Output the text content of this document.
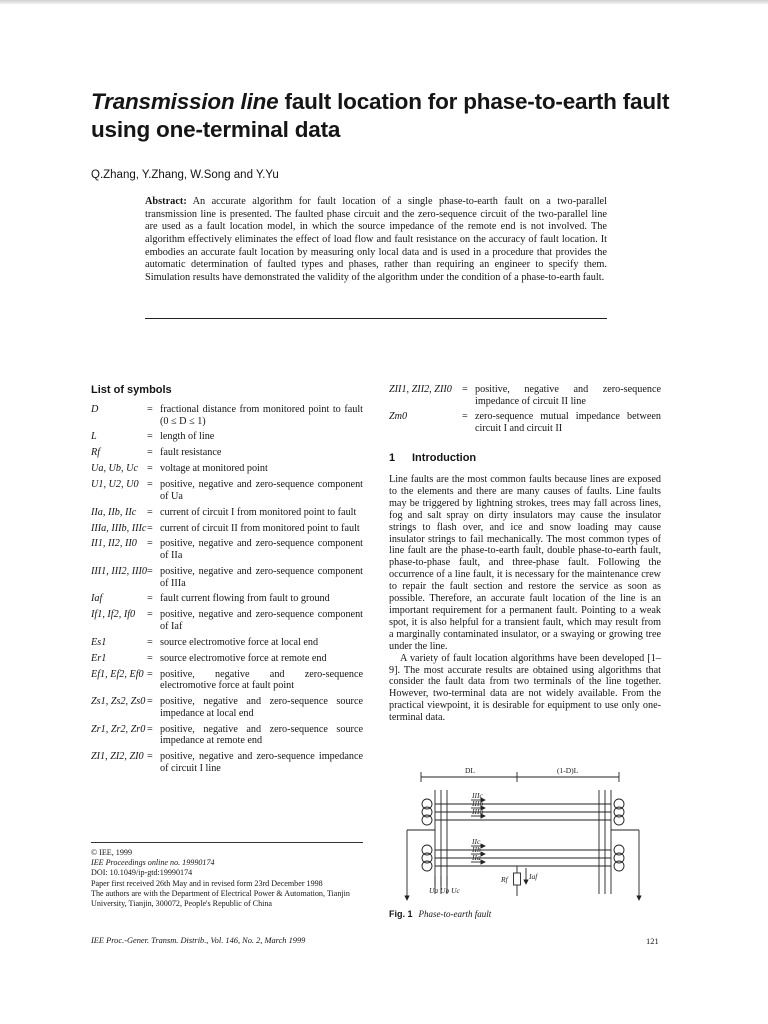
Transmission line fault location for phase-to-earth fault using one-terminal data

Q.Zhang, Y.Zhang, W.Song and Y.Yu

Abstract: An accurate algorithm for fault location of a single phase-to-earth fault on a two-parallel transmission line is presented. The faulted phase circuit and the zero-sequence circuit of the two-parallel line are used as a fault location model, in which the source impedance of the remote end is not involved. The algorithm effectively eliminates the effect of load flow and fault resistance on the accuracy of fault location. It embodies an accurate fault location by measuring only local data and is used in a procedure that provides the automatic determination of faulted types and phases, rather than requiring an engineer to specify them. Simulation results have demonstrated the validity of the algorithm under the condition of a phase-to-earth fault.

List of symbols
D	= fractional distance from monitored point to fault (0 ≤ D ≤ 1)
L	= length of line
Rf	= fault resistance
Ua, Ub, Uc = voltage at monitored point
U1, U2, U0 = positive, negative and zero-sequence component of Ua
IIa, IIb, IIc	= current of circuit I from monitored point to fault
IIIa, IIIb, IIIc = current of circuit II from monitored point to fault
II1, II2, II0 = positive, negative and zero-sequence component of IIa
III1, III2, III0 = positive, negative and zero-sequence component of IIIa
Iaf	= fault current flowing from fault to ground
If1, If2, If0	= positive, negative and zero-sequence component of Iaf
Es1	= source electromotive force at local end
Er1	= source electromotive force at remote end
Ef1, Ef2, Ef0 = positive, negative and zero-sequence electromotive force at fault point
Zs1, Zs2, Zs0 = positive, negative and zero-sequence source impedance at local end
Zr1, Zr2, Zr0 = positive, negative and zero-sequence source impedance at remote end
ZI1, ZI2, ZI0 = positive, negative and zero-sequence impedance of circuit I line
ZII1, ZII2, ZII0 = positive, negative and zero-sequence impedance of circuit II line
Zm0	= zero-sequence mutual impedance between circuit I and circuit II
1 Introduction

Line faults are the most common faults because lines are exposed to the elements and there are many causes of faults. Line faults may be triggered by lightning strokes, trees may fall across lines, fog and salt spray on dirty insulators may cause the insulator strings to flash over, and ice and snow loading may cause insulator strings to fail mechanically. The most common types of line fault are the phase-to-earth fault, double phase-to-earth fault, phase-to-phase fault, and three-phase fault. Following the occurrence of a line fault, it is necessary for the maintenance crew to repair the fault section and restore the service as soon as possible. Therefore, an accurate fault location of the line is an important requirement for a permanent fault. Pointing to a weak spot, it is also helpful for a transient fault, which may result from a marginally contaminated insulator, or a swaying or growing tree under the line.

A variety of fault location algorithms have been developed [1–9]. The most accurate results are obtained using algorithms that consider the fault data from two terminals of the line together. However, two-terminal data are not widely available. From the practical viewpoint, it is desirable for equipment to use only one-terminal data.

© IEE, 1999
IEE Proceedings online no. 19990174
DOI: 10.1049/ip-gtd:19990174
Paper first received 26th May and in revised form 23rd December 1998
The authors are with the Department of Electrical Power & Automation, Tianjin University, Tianjin, 300072, People's Republic of China
DL	(1-D)L
IIIc
IIIb
IIIa
IIc
IIb
IIa
Ua Ub Uc
Rf	Iaf
Fig. 1 Phase-to-earth fault
IEE Proc.-Gener. Transm. Distrib., Vol. 146, No. 2, March 1999	121
